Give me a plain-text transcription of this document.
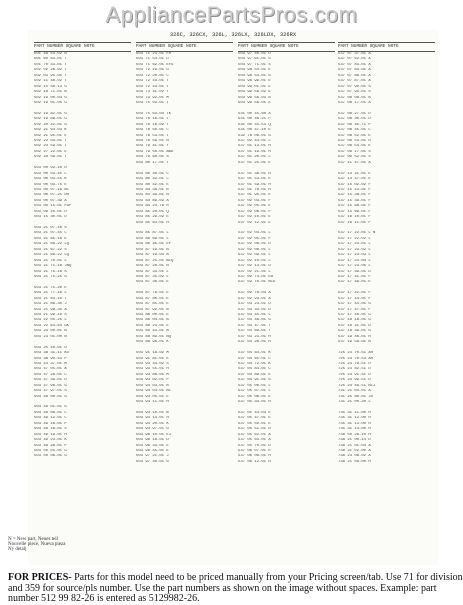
AppliancePartsPros.com
326C, 326CX, 326L, 326LX, 326LDX, 326RX
PART NUMBER SQUARE NOTE
501 48 54-02 N
501 60 63-01 T
501 70 33-01 T
502 02 26-02 T
502 03 95-05 T
502 11 46-02 T
502 15 58-13 G
502 18 71-01 B
502 19 00-03 G
502 19 01-05 G
502 19 82-01 G
502 19 88-01 G
502 20 42-01 G
502 21 63-03 K
502 21 95-01 E
502 22 03-01 T
502 24 59-01 T
502 27 22-01 E
502 28 59-01 T
503 00 02-10 D
503 00 03-45 C
503 00 03-55 K
503 00 03-75 E
503 00 07-16 BC
503 00 07-25 DH
503 00 07-39 A
503 00 15-01 FGP
503 09 10-01 D
503 15 30-01 D
503 21 07-16 S
503 21 07-45 C
503 21 65-16 E
503 21 66-22 LQ
503 21 67-22 S
503 21 68-22 LQ
503 21 70-01 L
503 21 71-16 JNQ
503 21 75-16 S
503 21 75-25 G
503 21 75-20 E
503 21 77-16 L
503 21 83-16 T
503 21 86-35 J
503 21 98-35 A
503 21 99-16 S
503 22 05-25 L
503 22 63-64 GK
503 23 00-01 B
503 23 01-00 N
503 25 10-01 D
503 38 31-11 KU
503 38 90-43 P
503 44 37-01 M
503 47 05-01 A
503 47 28-01 C
503 47 39-01 D
503 47 96-01 G
503 47 97-01 S
503 48 00-01 G
503 49 01-01 G
503 49 06-01 C
503 49 12-01 C
503 49 16-01 P
503 49 18-01 S
503 49 19-01 H
503 49 23-01 K
503 49 28-01 P
503 50 05-01 G
503 50 06-01 G
PART NUMBER SQUARE NOTE
503 71 23-01 FR
503 71 54-01 D
503 71 62-01 EFG
503 72 19-01 G
503 72 20-01 C
503 72 43-01 T
503 72 43-01 T
503 73 41-02 T
503 73 92-01 M
503 75 03-01 T
503 75 63-04 TK
503 76 16-01 T
503 76 16-02 T
503 76 50-01 C
503 76 53-01 T
503 76 59-01 N
503 79 41-01 T
503 79 50-01 ABD
503 79 68-01 S
503 80 17-01 T
503 80 40-01 C
503 80 42-01 C
503 80 42-01 E
503 84 38-01 R
503 84 39-01 N
503 84 89-02 A
503 84 24-76 R
503 85 20-01 Q
503 85 29-02 E
503 85 63-01 H
503 85 87-01 L
503 86 69-01 L
503 86 45-01 EF
503 87 19-01 B
503 87 19-03 B
503 87 25-01 BCQ
503 87 28-01 N
503 87 33-01 L
503 87 35-02 L
503 87 36-01 E
503 87 79-01 E
503 87 80-01 E
503 87 85-01 E
503 87 92-01 B
503 88 00-01 E
503 88 04-01 B
503 88 23-01 E
503 88 43-01 M
503 88 89-01 BQ
503 88 96-01 K
503 91 18-02 M
503 91 81-01 E
503 93 43-02 S
503 93 55-01 H
503 93 86-01 M
503 94 02-01 P
503 94 03-01 B
503 94 04-01 BC
503 94 05-01 E
503 94 11-01 H
503 94 10-01 B
503 94 14-01 H
503 94 20-01 K
503 94 97-01 G
503 96 10-01 EJ
503 96 18-01 D
503 96 33-01 E
503 96 45-01 E
503 97 21-01 J
503 97 40-01 G
PART NUMBER SQUARE NOTE
503 97 40-01 U
503 97 61-01 G
503 97 71-01 S
503 98 54-01 E
503 98 54-01 G
503 98 99-01 E
503 99 01-01 E
503 99 56-02 E
503 99 56-03 N
503 99 56-05 E
531 00 45-60 A
531 00 46-21 P
531 00 45-53 Q
531 00 47-10 E
532 76 06-01 G
537 02 44-01 L
537 01 13-01 H
537 01 19-01 H
537 01 20-01 L
537 01 25-01 E
537 01 38-01 H
537 01 53-01 E
537 01 59-01 H
537 01 78-01 H
537 01 95-01 E
537 02 03-01 F
537 02 05-01 E
537 02 06-01 F
537 02 10-01 E
537 02 12-01 E
537 02 04-01 L
537 02 05-01 F
537 02 08-01 D
537 02 08-01 L
537 02 09-01 L
537 02 10-01 L
537 02 14-01 D
537 02 21-01 L
537 02 74-01 EA
537 02 76-01 BCD
537 02 78-03 A
537 02 93-01 A
537 03 23-01 D
537 03 33-01 D
537 03 45-01 L
537 03 48-01 G
537 03 47-01 T
537 03 69-01 T
537 03 23-01 H
537 03 28-01 H
537 04 64-01 K
537 04 65-01 C
537 04 72-01 K
537 04 84-01 C
537 04 89-01 E
537 04 91-01 G
537 05 06-01 L
537 05 07-01 L
537 05 08-01 E
537 05 34-01 H
537 05 44-03 E
537 05 47-01 E
537 05 50-01 E
537 05 51-01 D
537 05 62-01 A
537 05 63-01 A
537 05 70-01 D
537 06 07-01 E
537 06 08-01 H
537 06 12-01 H
PART NUMBER SQUARE NOTE
537 07 37-01 A
537 07 62-01 A
537 07 83-01 A
537 07 84-01 A
537 07 86-01 A
537 07 87-01 A
537 07 90-01 S
537 07 95-01 S
537 08 08-01 B
537 08 17-01 A
537 08 27-01 D
537 08 30-01 D
537 08 45-71 P
537 08 45-01 C
537 08 52-01 E
537 08 53-01 D
537 08 54-01 E
537 09 17-01 S
537 09 52-01 S
537 11 47-01 A
537 14 21-01 E
537 14 47-01 E
537 15 02-02 F
537 15 14-01 F
537 15 38-01 F
537 15 39-01 F
537 15 68-01 F
537 15 69-01 F
537 16 10-01 F
537 16 11-01 F
537 17 22-01 L N
537 17 22-02 L
537 17 23-01 L
537 17 23-02 L
537 17 23-03 L
537 17 23-04 L
537 17 23-05 L
537 17 39-01 D
537 17 41-01 F
537 17 49-01 E
537 17 42-01 F
537 17 44-01 F
537 17 44-01 G
537 17 47-01 F
537 17 48-01 G
537 18 18-01 G
537 18 21-01 D
537 18 39-01 G
537 19 46-01 H
537 19 58-01 B
725 23 70-51 AH
725 23 70-53 AH
725 23 79-51 D
725 23 82-51 D
725 23 91-51 D
725 23 99-51 D
725 24 49-51 BCJ
731 21 04-01 A
731 25 80-01 JU
731 21 00-20 L
735 31 11-00 H
735 31 12-00 H
735 31 13-00 H
735 31 14-00 H
738 50 28-10 H
738 21 00-14 D
738 21 01-04 A
738 21 02-00 A
738 23 06-02 A
738 21 08-00 H
N = New part, Neues teil
Nouvelle piece, Nueva pieza
Ny detalj
FOR PRICES- Parts for this model need to be priced manually from your Pricing screen/tab. Use 71 for division and 359 for source/pls number. Use the part numbers as shown on the image without spaces. Example: part number 512 99 82-26 is entered as 5129982-26.
